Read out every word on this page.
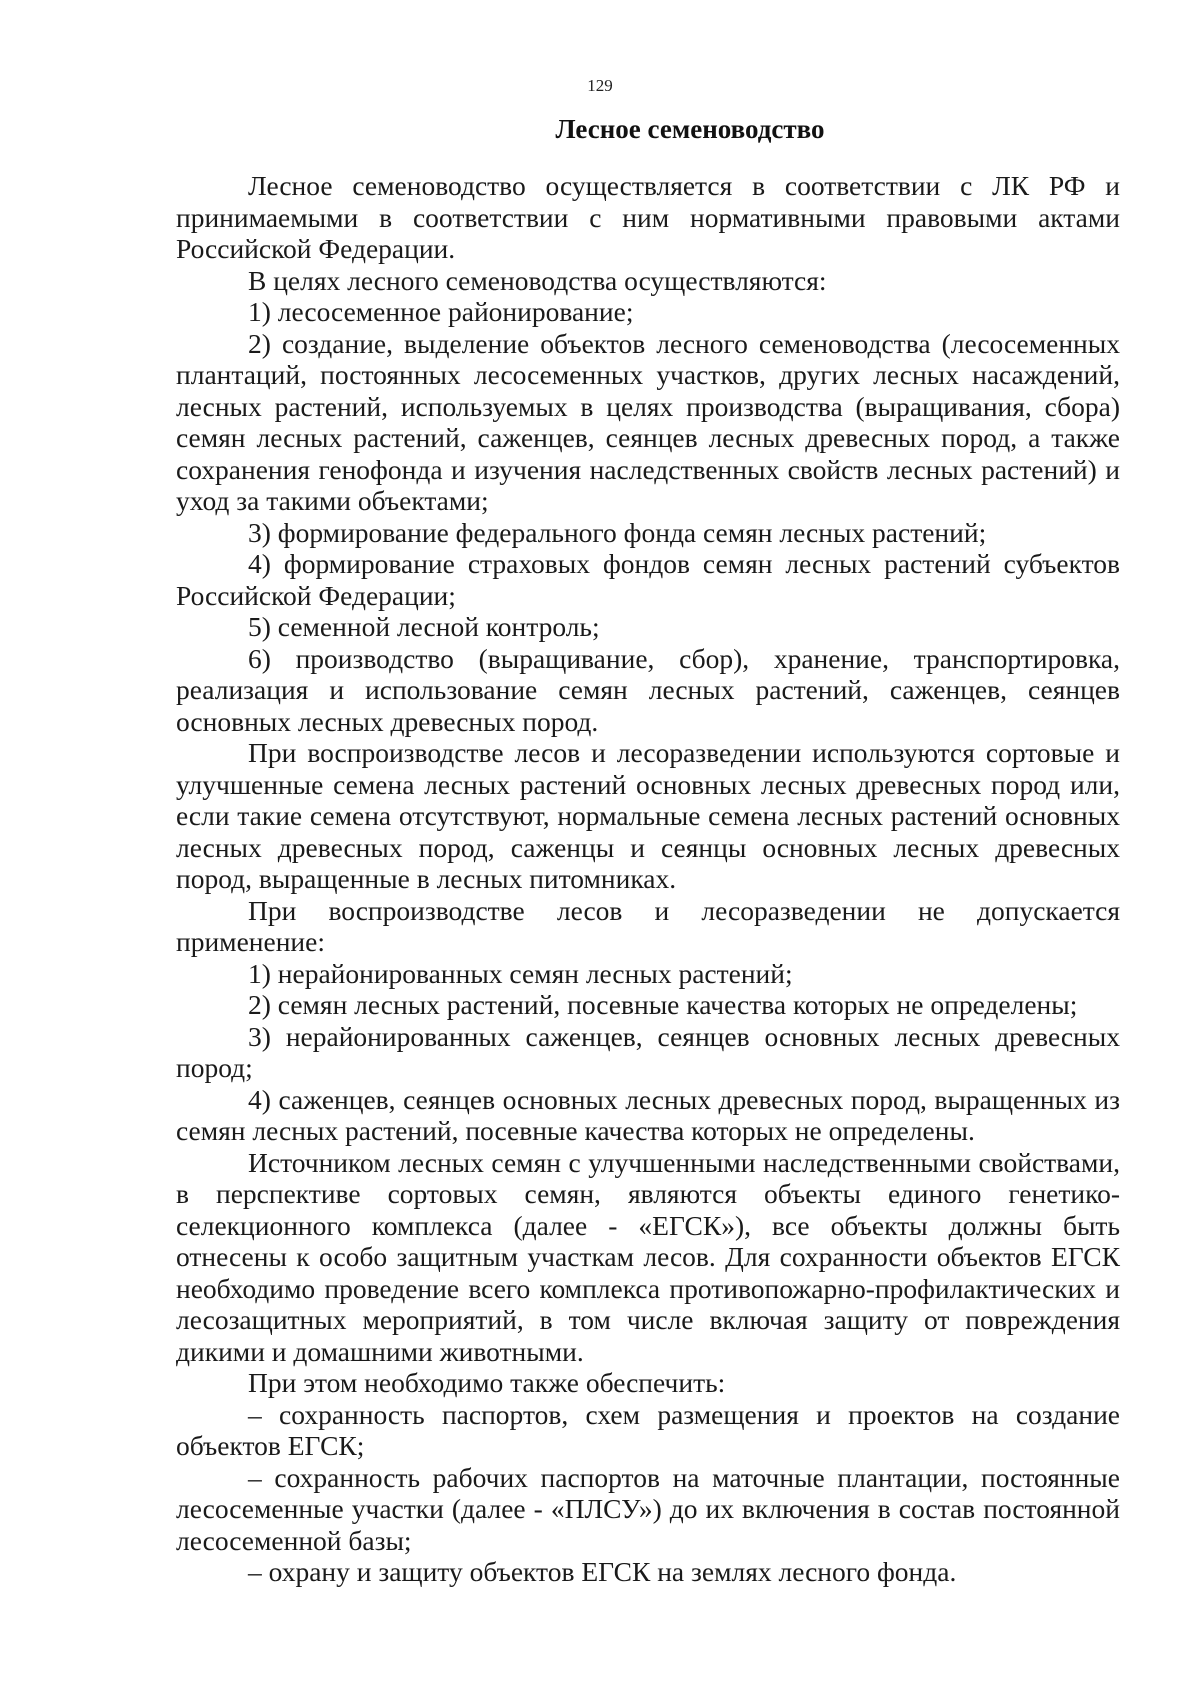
129
Лесное семеноводство

Лесное семеноводство осуществляется в соответствии с ЛК РФ и принимаемыми в соответствии с ним нормативными правовыми актами Российской Федерации.

В целях лесного семеноводства осуществляются:

1) лесосеменное районирование;

2) создание, выделение объектов лесного семеноводства (лесосеменных плантаций, постоянных лесосеменных участков, других лесных насаждений, лесных растений, используемых в целях производства (выращивания, сбора) семян лесных растений, саженцев, сеянцев лесных древесных пород, а также сохранения генофонда и изучения наследственных свойств лесных растений) и уход за такими объектами;

3) формирование федерального фонда семян лесных растений;

4) формирование страховых фондов семян лесных растений субъектов Российской Федерации;

5) семенной лесной контроль;

6) производство (выращивание, сбор), хранение, транспортировка, реализация и использование семян лесных растений, саженцев, сеянцев основных лесных древесных пород.

При воспроизводстве лесов и лесоразведении используются сортовые и улучшенные семена лесных растений основных лесных древесных пород или, если такие семена отсутствуют, нормальные семена лесных растений основных лесных древесных пород, саженцы и сеянцы основных лесных древесных пород, выращенные в лесных питомниках.

При воспроизводстве лесов и лесоразведении не допускается применение:

1) нерайонированных семян лесных растений;

2) семян лесных растений, посевные качества которых не определены;

3) нерайонированных саженцев, сеянцев основных лесных древесных пород;

4) саженцев, сеянцев основных лесных древесных пород, выращенных из семян лесных растений, посевные качества которых не определены.

Источником лесных семян с улучшенными наследственными свойствами, в перспективе сортовых семян, являются объекты единого генетико-селекционного комплекса (далее - «ЕГСК»), все объекты должны быть отнесены к особо защитным участкам лесов. Для сохранности объектов ЕГСК необходимо проведение всего комплекса противопожарно-профилактических и лесозащитных мероприятий, в том числе включая защиту от повреждения дикими и домашними животными.

При этом необходимо также обеспечить:

– сохранность паспортов, схем размещения и проектов на создание объектов ЕГСК;

– сохранность рабочих паспортов на маточные плантации, постоянные лесосеменные участки (далее - «ПЛСУ») до их включения в состав постоянной лесосеменной базы;

– охрану и защиту объектов ЕГСК на землях лесного фонда.
